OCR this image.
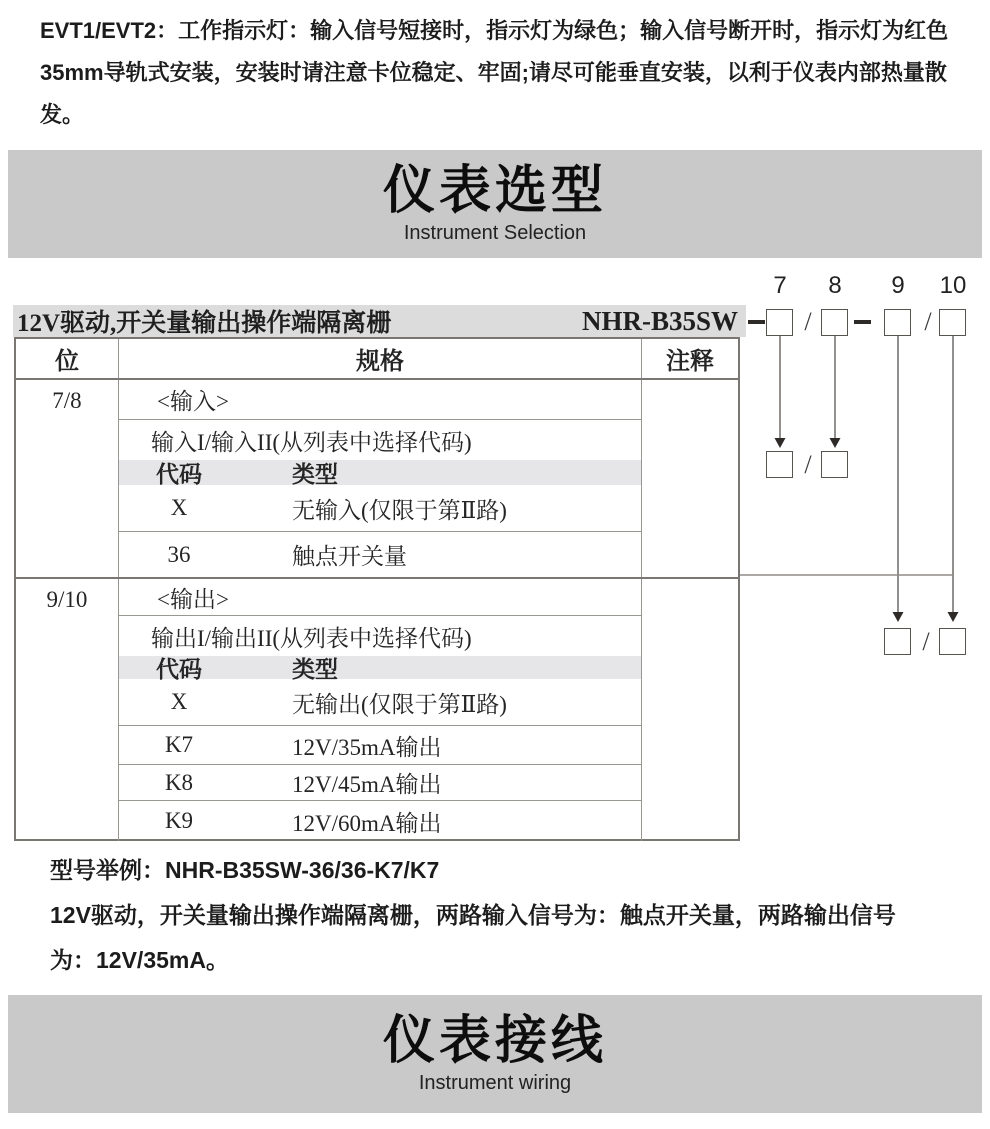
EVT1/EVT2：工作指示灯：输入信号短接时，指示灯为绿色；输入信号断开时，指示灯为红色
35mm导轨式安装，安装时请注意卡位稳定、牢固;请尽可能垂直安装，以利于仪表内部热量散发。
仪表选型
Instrument Selection
12V驱动,开关量输出操作端隔离栅	NHR-B35SW
7	8	9	10
/	/
/
/
位	规格	注释
7/8	<输入>
输入I/输入II(从列表中选择代码)
代码	类型
X	无输入(仅限于第Ⅱ路)
36	触点开关量
9/10	<输出>
输出I/输出II(从列表中选择代码)
代码	类型
X	无输出(仅限于第Ⅱ路)
K7	12V/35mA输出
K8	12V/45mA输出
K9	12V/60mA输出
型号举例：NHR-B35SW-36/36-K7/K7
12V驱动，开关量输出操作端隔离栅，两路输入信号为：触点开关量，两路输出信号
为：12V/35mA。
仪表接线
Instrument wiring
